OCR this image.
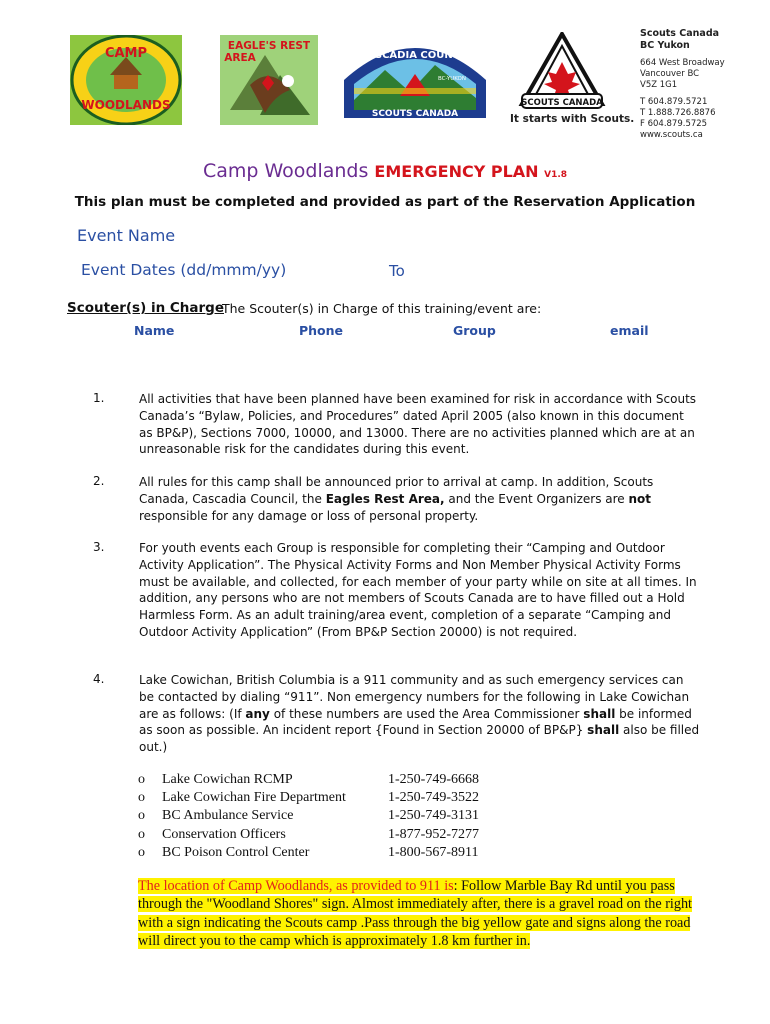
CAMP
WOODLANDS
EAGLE'S REST
AREA	CASCADIA COUNCIL
BC-YUKON
SCOUTS CANADA
SCOUTS CANADA
It starts with Scouts.
Scouts Canada
BC Yukon
664 West Broadway
Vancouver BC
V5Z 1G1
T 604.879.5721
T 1.888.726.8876
F 604.879.5725
www.scouts.ca
Camp Woodlands EMERGENCY PLAN V1.8
This plan must be completed and provided as part of the Reservation Application
Event Name
Event Dates (dd/mmm/yy)	To
Scouter(s) in Charge
The Scouter(s) in Charge of this training/event are:
Name	Phone	Group	email
1.	All activities that have been planned have been examined for risk in accordance with Scouts Canada’s “Bylaw, Policies, and Procedures” dated April 2005 (also known in this document as BP&P), Sections 7000, 10000, and 13000. There are no activities planned which are at an unreasonable risk for the candidates during this event.
2.	All rules for this camp shall be announced prior to arrival at camp. In addition, Scouts Canada, Cascadia Council, the Eagles Rest Area, and the Event Organizers are not responsible for any damage or loss of personal property.
3.	For youth events each Group is responsible for completing their “Camping and Outdoor Activity Application”. The Physical Activity Forms and Non Member Physical Activity Forms must be available, and collected, for each member of your party while on site at all times. In addition, any persons who are not members of Scouts Canada are to have filled out a Hold Harmless Form. As an adult training/area event, completion of a separate “Camping and Outdoor Activity Application” (From BP&P Section 20000) is not required.
4.	Lake Cowichan, British Columbia is a 911 community and as such emergency services can be contacted by dialing “911”. Non emergency numbers for the following in Lake Cowichan are as follows: (If any of these numbers are used the Area Commissioner shall be informed as soon as possible. An incident report {Found in Section 20000 of BP&P} shall also be filled out.)
o	Lake Cowichan RCMP	1-250-749-6668
o	Lake Cowichan Fire Department	1-250-749-3522
o	BC Ambulance Service	1-250-749-3131
o	Conservation Officers	1-877-952-7277
o	BC Poison Control Center	1-800-567-8911
The location of Camp Woodlands, as provided to 911 is: Follow Marble Bay Rd until you pass through the "Woodland Shores" sign. Almost immediately after, there is a gravel road on the right with a sign indicating the Scouts camp .Pass through the big yellow gate and signs along the road will direct you to the camp which is approximately 1.8 km further in.
